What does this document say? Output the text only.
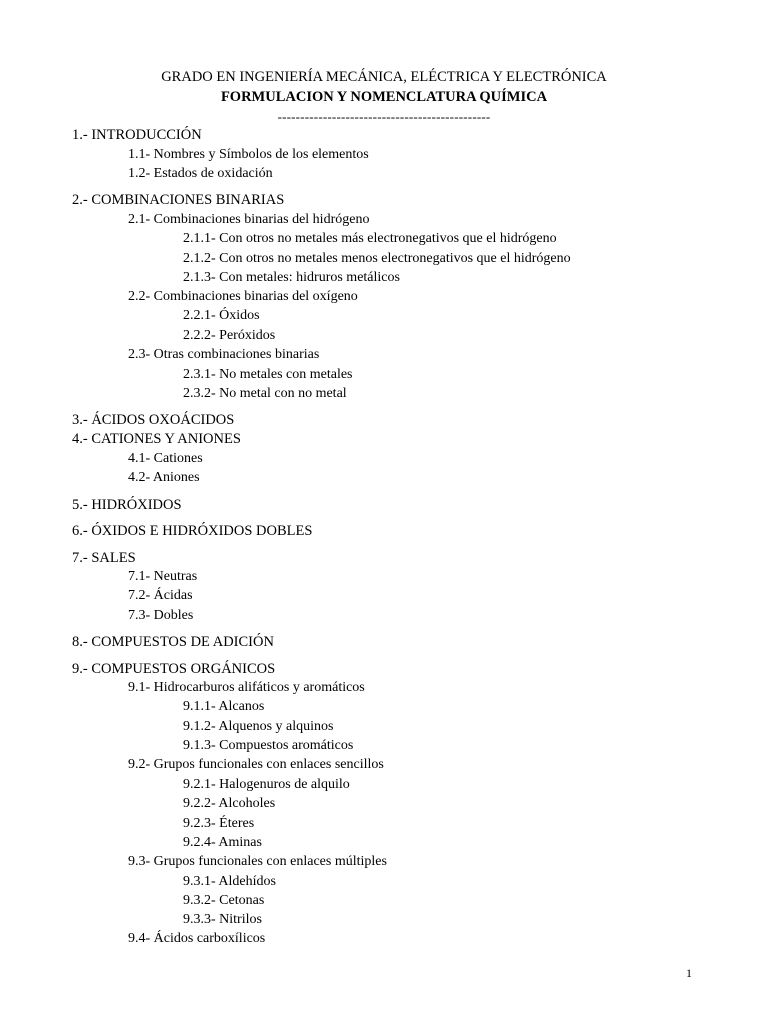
GRADO EN INGENIERÍA MECÁNICA, ELÉCTRICA Y ELECTRÓNICA
FORMULACION Y NOMENCLATURA QUÍMICA
-----------------------------------------------
1.- INTRODUCCIÓN
1.1- Nombres y Símbolos de los elementos
1.2- Estados de oxidación
2.- COMBINACIONES BINARIAS
2.1- Combinaciones binarias del hidrógeno
2.1.1- Con otros no metales más electronegativos que el hidrógeno
2.1.2- Con otros no metales menos electronegativos que el hidrógeno
2.1.3- Con metales: hidruros metálicos
2.2- Combinaciones binarias del oxígeno
2.2.1- Óxidos
2.2.2- Peróxidos
2.3- Otras combinaciones binarias
2.3.1- No metales con metales
2.3.2- No metal con no metal
3.- ÁCIDOS OXOÁCIDOS
4.- CATIONES Y ANIONES
4.1- Cationes
4.2- Aniones
5.- HIDRÓXIDOS
6.- ÓXIDOS E HIDRÓXIDOS DOBLES
7.- SALES
7.1- Neutras
7.2- Ácidas
7.3- Dobles
8.- COMPUESTOS DE ADICIÓN
9.- COMPUESTOS ORGÁNICOS
9.1- Hidrocarburos alifáticos y aromáticos
9.1.1- Alcanos
9.1.2- Alquenos y alquinos
9.1.3- Compuestos aromáticos
9.2- Grupos funcionales con enlaces sencillos
9.2.1- Halogenuros de alquilo
9.2.2- Alcoholes
9.2.3- Éteres
9.2.4- Aminas
9.3- Grupos funcionales con enlaces múltiples
9.3.1- Aldehídos
9.3.2- Cetonas
9.3.3- Nitrilos
9.4- Ácidos carboxílicos
1
